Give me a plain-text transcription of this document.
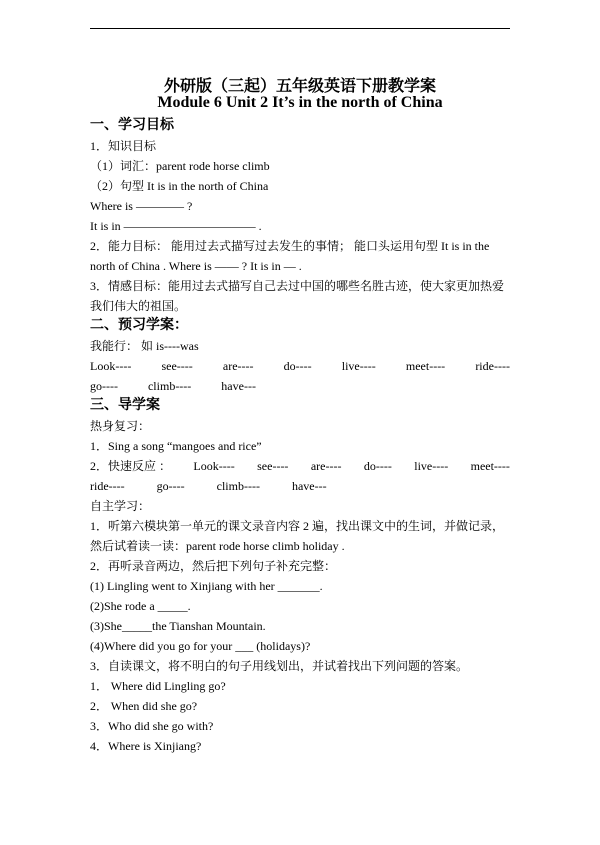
外研版（三起）五年级英语下册教学案
Module 6 Unit 2 It’s in the north of China
一、学习目标
1．知识目标
（1）词汇：parent rode horse climb
（2）句型 It is in the north of China
Where is ———— ?
It is in ——————————— .
2．能力目标： 能用过去式描写过去发生的事情； 能口头运用句型 It is in the
north of China . Where is —— ? It is in — .
3．情感目标：能用过去式描写自己去过中国的哪些名胜古迹，使大家更加热爱
我们伟大的祖国。
二、预习学案：
我能行： 如 is----was
Look----	see----	are----	do----	live----	meet----	ride----
go----	climb----	have---
三、导学案
热身复习：
1．Sing a song “mangoes and rice”
2．快速反应 ： Look---- see---- are---- do---- live---- meet----
ride----	go----	climb----	have---
自主学习：
1．听第六模块第一单元的课文录音内容 2 遍，找出课文中的生词，并做记录，
然后试着读一读：parent rode horse climb holiday .
2．再听录音两边，然后把下列句子补充完整：
(1) Lingling went to Xinjiang with her _______.
(2)She rode a _____.
(3)She_____the Tianshan Mountain.
(4)Where did you go for your ___ (holidays)?
3．自读课文，将不明白的句子用线划出，并试着找出下列问题的答案。
1． Where did Lingling go?
2． When did she go?
3．Who did she go with?
4．Where is Xinjiang?
